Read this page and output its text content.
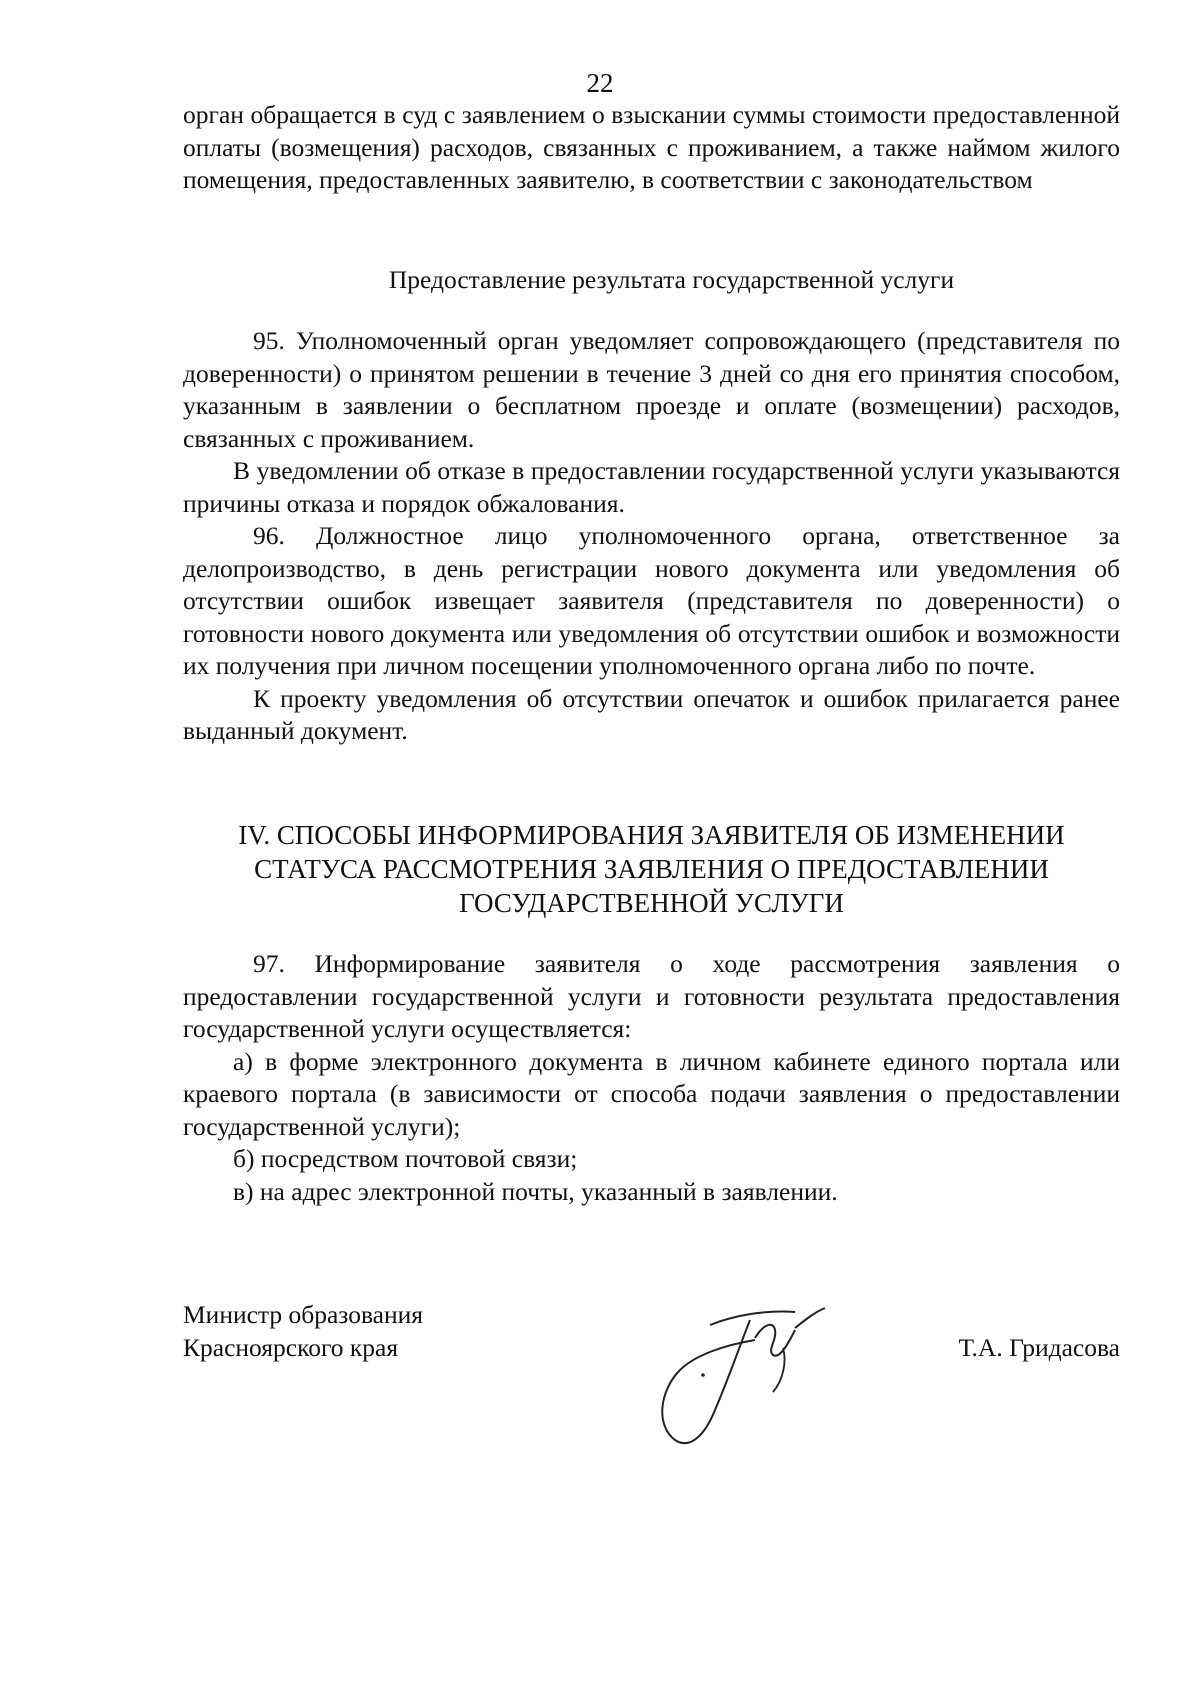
22

орган обращается в суд с заявлением о взыскании суммы стоимости предоставленной оплаты (возмещения) расходов, связанных с проживанием, а также наймом жилого помещения, предоставленных заявителю, в соответствии с законодательством

Предоставление результата государственной услуги

95. Уполномоченный орган уведомляет сопровождающего (представителя по доверенности) о принятом решении в течение 3 дней со дня его принятия способом, указанным в заявлении о бесплатном проезде и оплате (возмещении) расходов, связанных с проживанием.

В уведомлении об отказе в предоставлении государственной услуги указываются причины отказа и порядок обжалования.

96. Должностное лицо уполномоченного органа, ответственное за делопроизводство, в день регистрации нового документа или уведомления об отсутствии ошибок извещает заявителя (представителя по доверенности) о готовности нового документа или уведомления об отсутствии ошибок и возможности их получения при личном посещении уполномоченного органа либо по почте.

К проекту уведомления об отсутствии опечаток и ошибок прилагается ранее выданный документ.

IV. СПОСОБЫ ИНФОРМИРОВАНИЯ ЗАЯВИТЕЛЯ ОБ ИЗМЕНЕНИИ
СТАТУСА РАССМОТРЕНИЯ ЗАЯВЛЕНИЯ О ПРЕДОСТАВЛЕНИИ
ГОСУДАРСТВЕННОЙ УСЛУГИ

97. Информирование заявителя о ходе рассмотрения заявления о предоставлении государственной услуги и готовности результата предоставления государственной услуги осуществляется:

а) в форме электронного документа в личном кабинете единого портала или краевого портала (в зависимости от способа подачи заявления о предоставлении государственной услуги);

б) посредством почтовой связи;

в) на адрес электронной почты, указанный в заявлении.

Министр образования
Красноярского края	Т.А. Гридасова
